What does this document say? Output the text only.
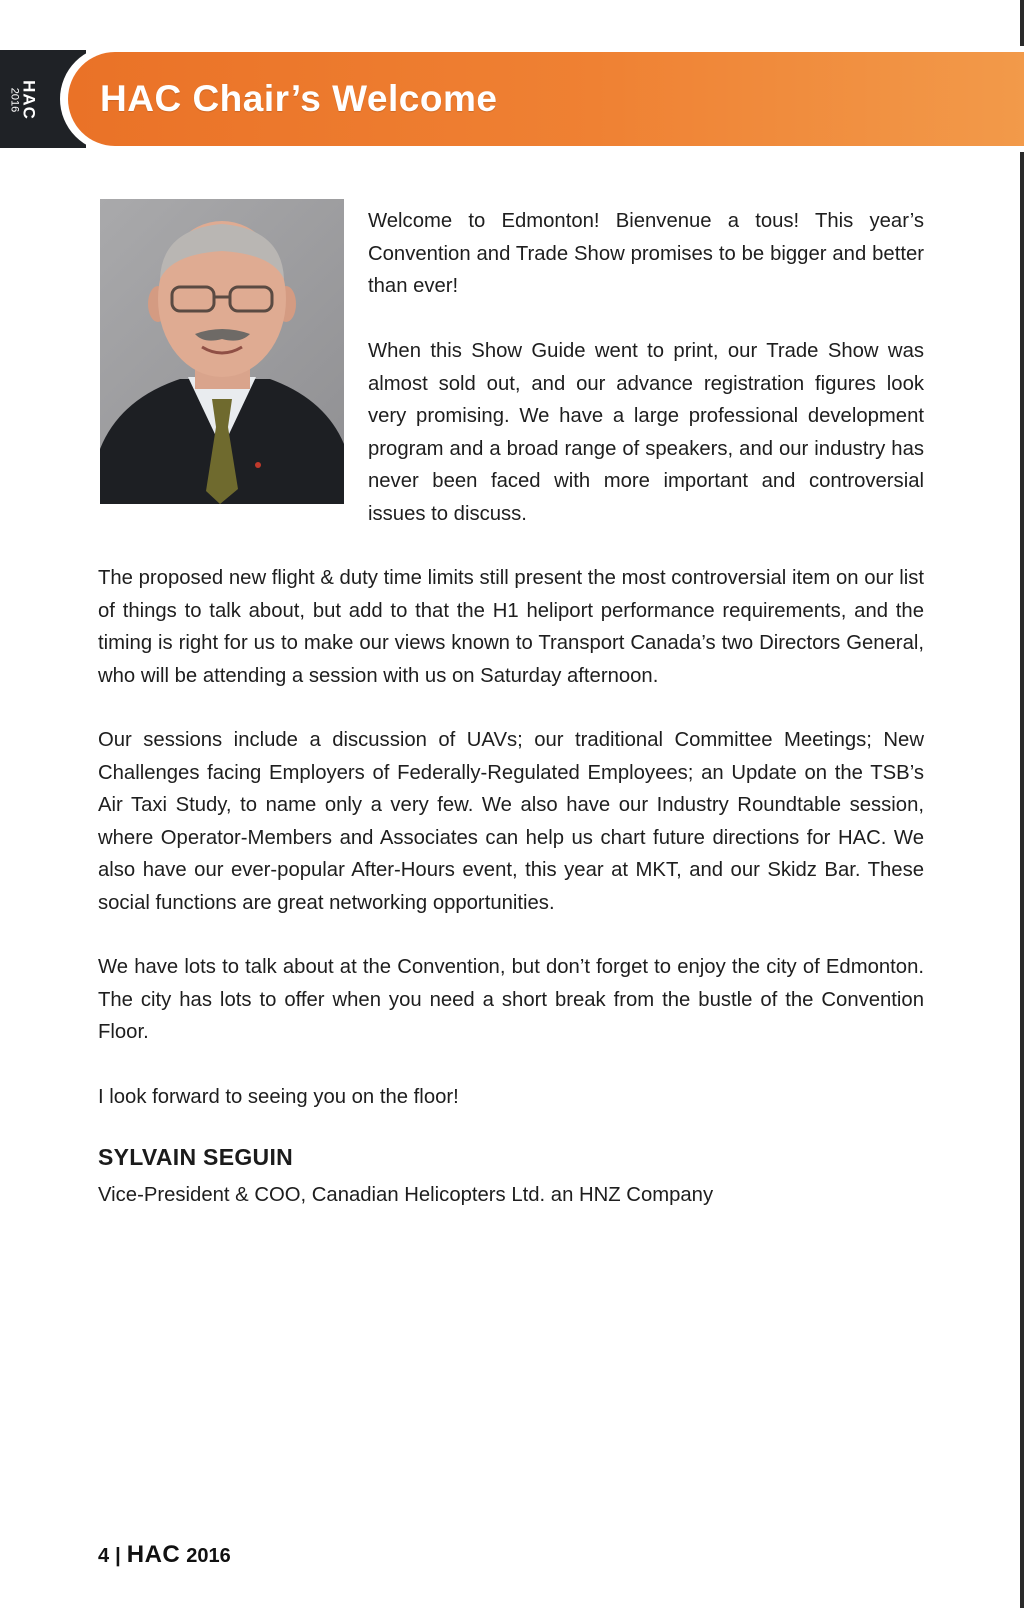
HAC
2016 HAC Chair’s Welcome

Welcome to Edmonton! Bienvenue a tous! This year’s Convention and Trade Show promises to be bigger and better than ever!

When this Show Guide went to print, our Trade Show was almost sold out, and our advance registration figures look very promising. We have a large professional development program and a broad range of speakers, and our industry has never been faced with more important and controversial issues to discuss.

The proposed new flight & duty time limits still present the most controversial item on our list of things to talk about, but add to that the H1 heliport performance requirements, and the timing is right for us to make our views known to Transport Canada’s two Directors General, who will be attending a session with us on Saturday afternoon.

Our sessions include a discussion of UAVs; our traditional Committee Meetings; New Challenges facing Employers of Federally-Regulated Employees; an Update on the TSB’s Air Taxi Study, to name only a very few. We also have our Industry Roundtable session, where Operator-Members and Associates can help us chart future directions for HAC. We also have our ever-popular After-Hours event, this year at MKT, and our Skidz Bar. These social functions are great networking opportunities.

We have lots to talk about at the Convention, but don’t forget to enjoy the city of Edmonton. The city has lots to offer when you need a short break from the bustle of the Convention Floor.

I look forward to seeing you on the floor!

SYLVAIN SEGUIN

Vice-President & COO, Canadian Helicopters Ltd. an HNZ Company

4 | HAC 2016
